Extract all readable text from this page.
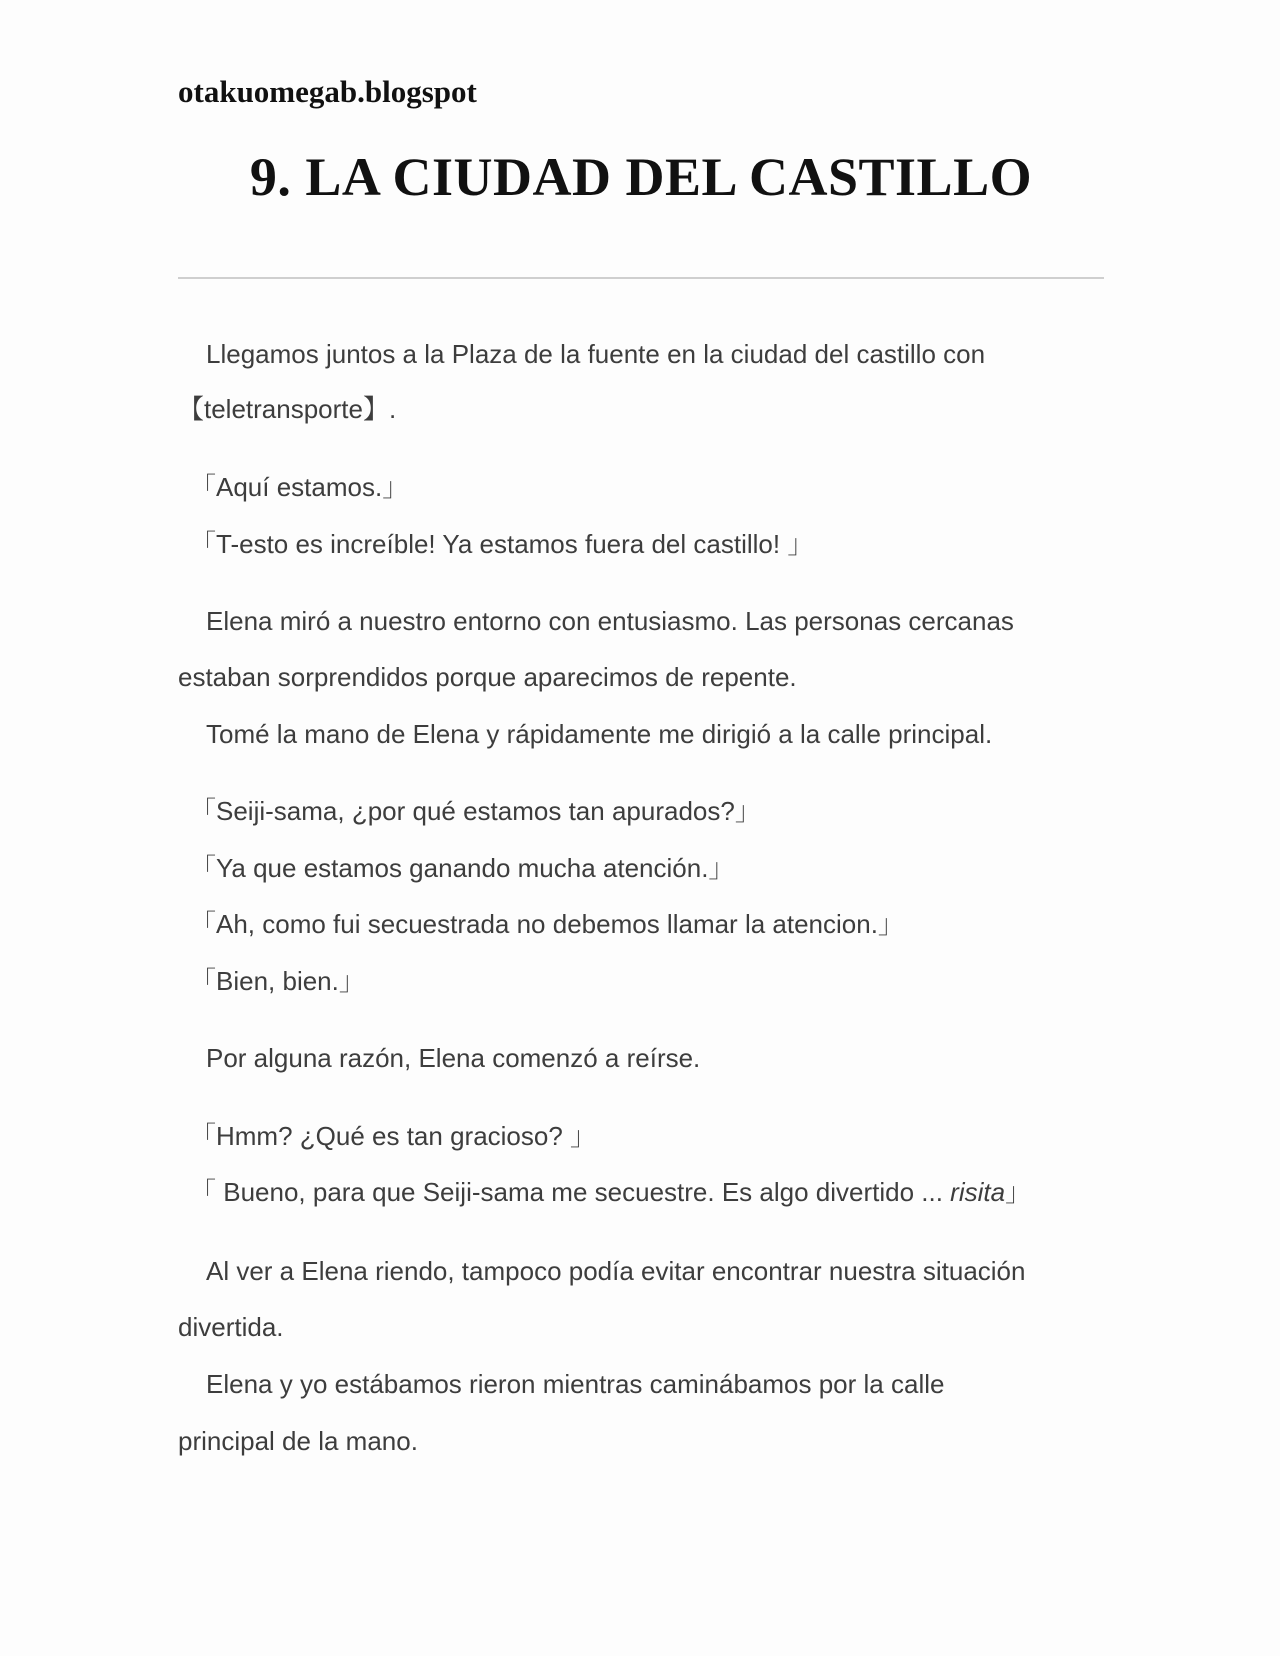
otakuomegab.blogspot
9. LA CIUDAD DEL CASTILLO
Llegamos juntos a la Plaza de la fuente en la ciudad del castillo con
【teletransporte】.
「Aquí estamos.」
「T-esto es increíble! Ya estamos fuera del castillo! 」
Elena miró a nuestro entorno con entusiasmo. Las personas cercanas
estaban sorprendidos porque aparecimos de repente.
Tomé la mano de Elena y rápidamente me dirigió a la calle principal.
「Seiji-sama, ¿por qué estamos tan apurados?」
「Ya que estamos ganando mucha atención.」
「Ah, como fui secuestrada no debemos llamar la atencion.」
「Bien, bien.」
Por alguna razón, Elena comenzó a reírse.
「Hmm? ¿Qué es tan gracioso? 」
「 Bueno, para que Seiji-sama me secuestre. Es algo divertido ... risita」
Al ver a Elena riendo, tampoco podía evitar encontrar nuestra situación
divertida.
Elena y yo estábamos rieron mientras caminábamos por la calle
principal de la mano.
